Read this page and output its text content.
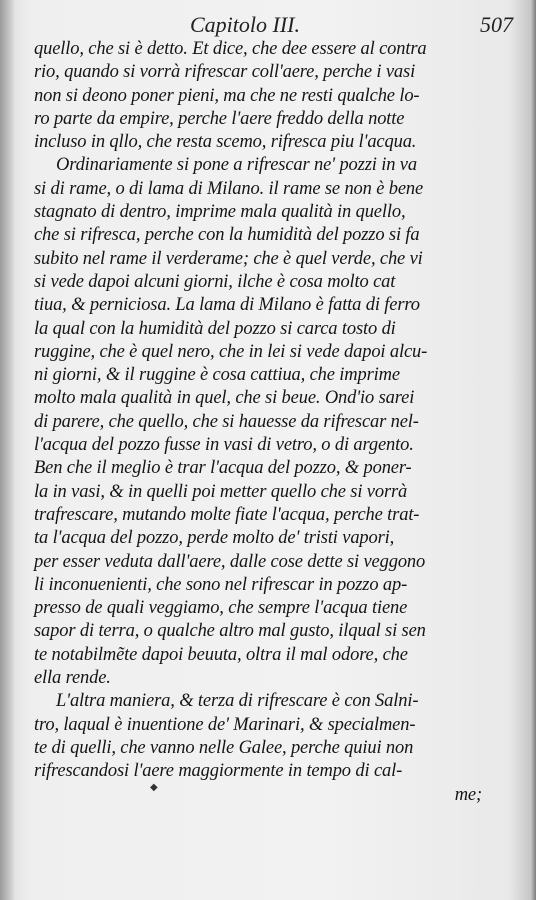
Capitolo III.	507
quello, che si è detto. Et dice, che dee essere al contra
rio, quando si vorrà rifrescar coll'aere, perche i vasi
non si deono poner pieni, ma che ne resti qualche lo-
ro parte da empire, perche l'aere freddo della notte
incluso in qllo, che resta scemo, rifresca piu l'acqua.
Ordinariamente si pone a rifrescar ne' pozzi in va
si di rame, o di lama di Milano. il rame se non è bene
stagnato di dentro, imprime mala qualità in quello,
che si rifresca, perche con la humidità del pozzo si fa
subito nel rame il verderame; che è quel verde, che vi
si vede dapoi alcuni giorni, ilche è cosa molto cat
tiua, & perniciosa. La lama di Milano è fatta di ferro
la qual con la humidità del pozzo si carca tosto di
ruggine, che è quel nero, che in lei si vede dapoi alcu-
ni giorni, & il ruggine è cosa cattiua, che imprime
molto mala qualità in quel, che si beue. Ond'io sarei
di parere, che quello, che si hauesse da rifrescar nel-
l'acqua del pozzo fusse in vasi di vetro, o di argento.
Ben che il meglio è trar l'acqua del pozzo, & poner-
la in vasi, & in quelli poi metter quello che si vorrà
trafrescare, mutando molte fiate l'acqua, perche trat-
ta l'acqua del pozzo, perde molto de' tristi vapori,
per esser veduta dall'aere, dalle cose dette si veggono
li inconuenienti, che sono nel rifrescar in pozzo ap-
presso de quali veggiamo, che sempre l'acqua tiene
sapor di terra, o qualche altro mal gusto, ilqual si sen
te notabilmẽte dapoi beuuta, oltra il mal odore, che
ella rende.
L'altra maniera, & terza di rifrescare è con Salni-
tro, laqual è inuentione de' Marinari, & specialmen-
te di quelli, che vanno nelle Galee, perche quiui non
rifrescandosi l'aere maggiormente in tempo di cal-
me;
◆
